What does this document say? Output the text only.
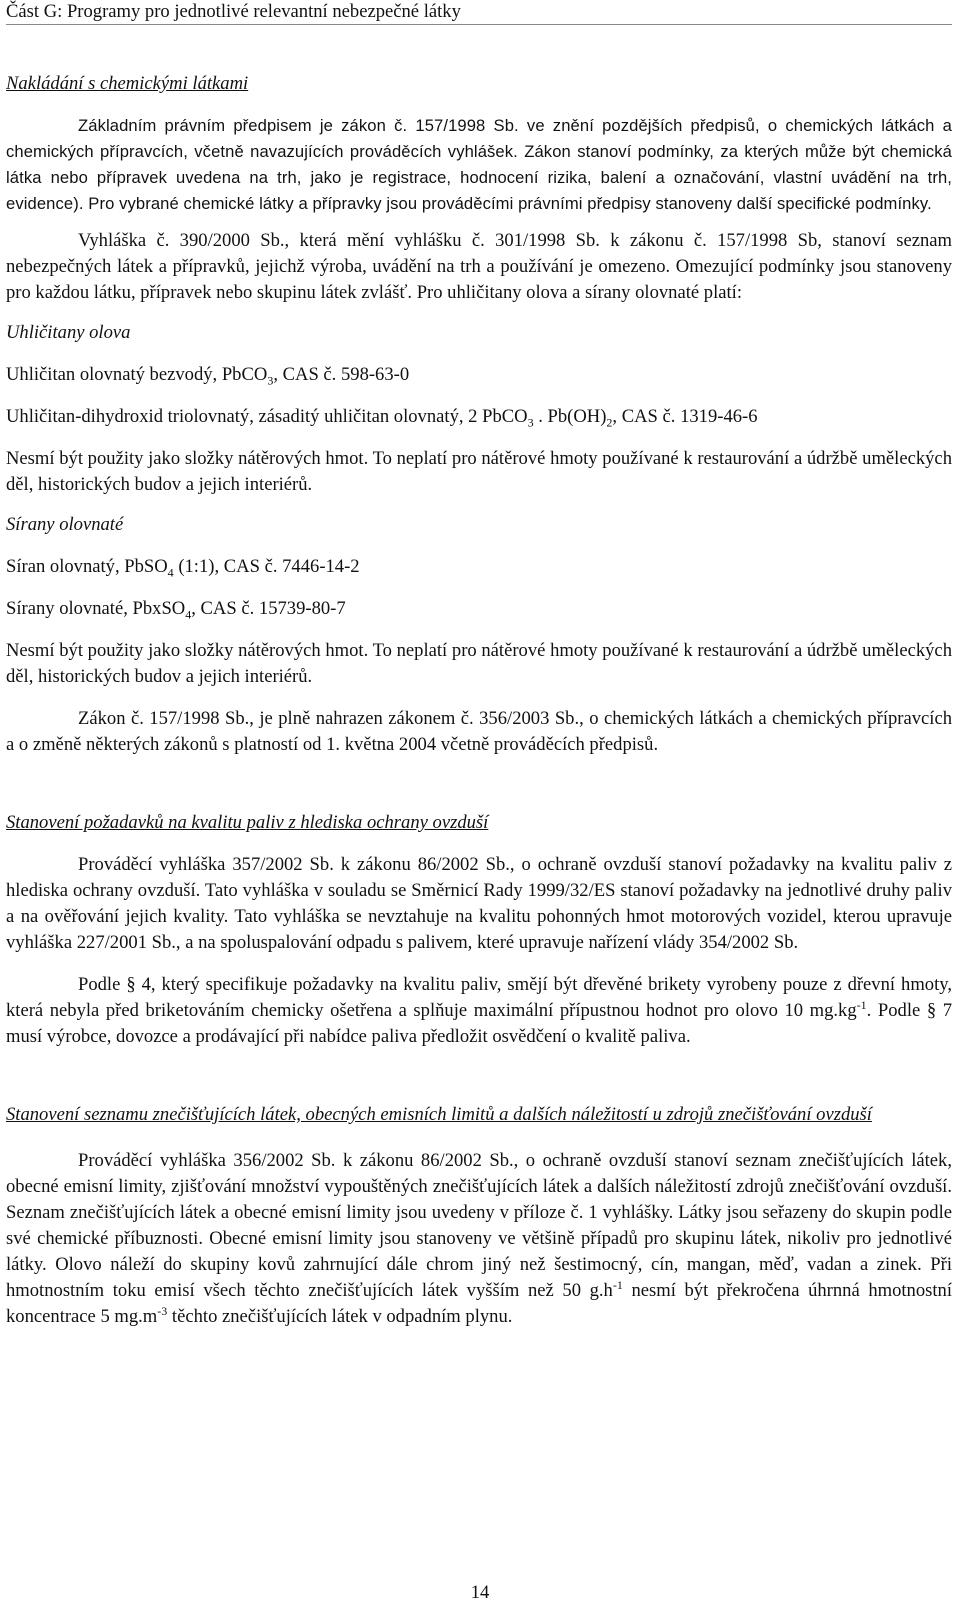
Část G: Programy pro jednotlivé relevantní nebezpečné látky
Nakládání s chemickými látkami

Základním právním předpisem je zákon č. 157/1998 Sb. ve znění pozdějších předpisů, o chemických látkách a chemických přípravcích, včetně navazujících prováděcích vyhlášek. Zákon stanoví podmínky, za kterých může být chemická látka nebo přípravek uvedena na trh, jako je registrace, hodnocení rizika, balení a označování, vlastní uvádění na trh, evidence). Pro vybrané chemické látky a přípravky jsou prováděcími právními předpisy stanoveny další specifické podmínky.

Vyhláška č. 390/2000 Sb., která mění vyhlášku č. 301/1998 Sb. k zákonu č. 157/1998 Sb, stanoví seznam nebezpečných látek a přípravků, jejichž výroba, uvádění na trh a používání je omezeno. Omezující podmínky jsou stanoveny pro každou látku, přípravek nebo skupinu látek zvlášť. Pro uhličitany olova a sírany olovnaté platí:

Uhličitany olova

Uhličitan olovnatý bezvodý, PbCO$_3$, CAS č. 598-63-0

Uhličitan-dihydroxid triolovnatý, zásaditý uhličitan olovnatý, 2 PbCO$_3$ . $Pb(OH)_2$, CAS č. 1319-46-6

Nesmí být použity jako složky nátěrových hmot. To neplatí pro nátěrové hmoty používané k restaurování a údržbě uměleckých děl, historických budov a jejich interiérů.

Sírany olovnaté

Síran olovnatý, PbSO$_4$ (1:1), CAS č. 7446-14-2

Sírany olovnaté, PbxSO$_4$, CAS č. 15739-80-7

Nesmí být použity jako složky nátěrových hmot. To neplatí pro nátěrové hmoty používané k restaurování a údržbě uměleckých děl, historických budov a jejich interiérů.

Zákon č. 157/1998 Sb., je plně nahrazen zákonem č. 356/2003 Sb., o chemických látkách a chemických přípravcích a o změně některých zákonů s platností od 1. května 2004 včetně prováděcích předpisů.

Stanovení požadavků na kvalitu paliv z hlediska ochrany ovzduší

Prováděcí vyhláška 357/2002 Sb. k zákonu 86/2002 Sb., o ochraně ovzduší stanoví požadavky na kvalitu paliv z hlediska ochrany ovzduší. Tato vyhláška v souladu se Směrnicí Rady 1999/32/ES stanoví požadavky na jednotlivé druhy paliv a na ověřování jejich kvality. Tato vyhláška se nevztahuje na kvalitu pohonných hmot motorových vozidel, kterou upravuje vyhláška 227/2001 Sb., a na spoluspalování odpadu s palivem, které upravuje nařízení vlády 354/2002 Sb.

Podle § 4, který specifikuje požadavky na kvalitu paliv, smějí být dřevěné brikety vyrobeny pouze z dřevní hmoty, která nebyla před briketováním chemicky ošetřena a splňuje maximální přípustnou hodnot pro olovo 10 $mg.kg^{-1}$. Podle § 7 musí výrobce, dovozce a prodávající při nabídce paliva předložit osvědčení o kvalitě paliva.

Stanovení seznamu znečišťujících látek, obecných emisních limitů a dalších náležitostí u zdrojů znečišťování ovzduší

Prováděcí vyhláška 356/2002 Sb. k zákonu 86/2002 Sb., o ochraně ovzduší stanoví seznam znečišťujících látek, obecné emisní limity, zjišťování množství vypouštěných znečišťujících látek a dalších náležitostí zdrojů znečišťování ovzduší. Seznam znečišťujících látek a obecné emisní limity jsou uvedeny v příloze č. 1 vyhlášky. Látky jsou seřazeny do skupin podle své chemické příbuznosti. Obecné emisní limity jsou stanoveny ve většině případů pro skupinu látek, nikoliv pro jednotlivé látky. Olovo náleží do skupiny kovů zahrnující dále chrom jiný než šestimocný, cín, mangan, měď, vadan a zinek. Při hmotnostním toku emisí všech těchto znečišťujících látek vyšším než 50 $g.h^{-1}$ nesmí být překročena úhrnná hmotnostní koncentrace 5 $mg.m^{-3}$ těchto znečišťujících látek v odpadním plynu.

14
